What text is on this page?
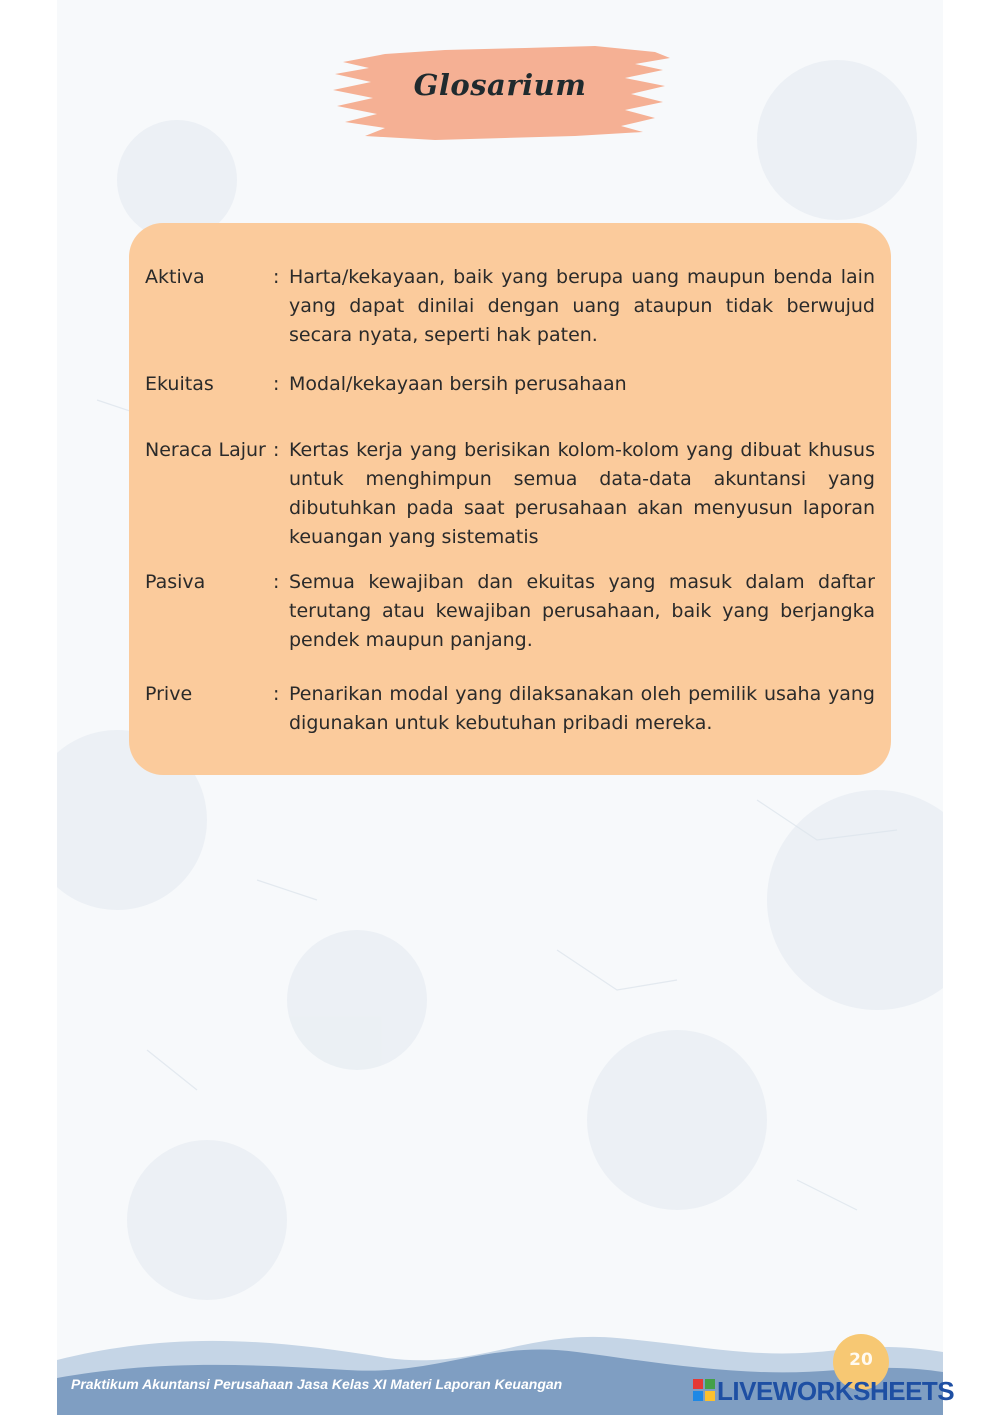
Glosarium
Aktiva	: Harta/kekayaan, baik yang berupa uang maupun benda lain yang dapat dinilai dengan uang ataupun tidak berwujud secara nyata, seperti hak paten.
Ekuitas	: Modal/kekayaan bersih perusahaan
Neraca Lajur : Kertas kerja yang berisikan kolom-kolom yang dibuat khusus untuk menghimpun semua data-data akuntansi yang dibutuhkan pada saat perusahaan akan menyusun laporan keuangan yang sistematis
Pasiva	: Semua kewajiban dan ekuitas yang masuk dalam daftar terutang atau kewajiban perusahaan, baik yang berjangka pendek maupun panjang.
Prive	: Penarikan modal yang dilaksanakan oleh pemilik usaha yang digunakan untuk kebutuhan pribadi mereka.
20
Praktikum Akuntansi Perusahaan Jasa Kelas XI Materi Laporan Keuangan	LIVEWORKSHEETS
